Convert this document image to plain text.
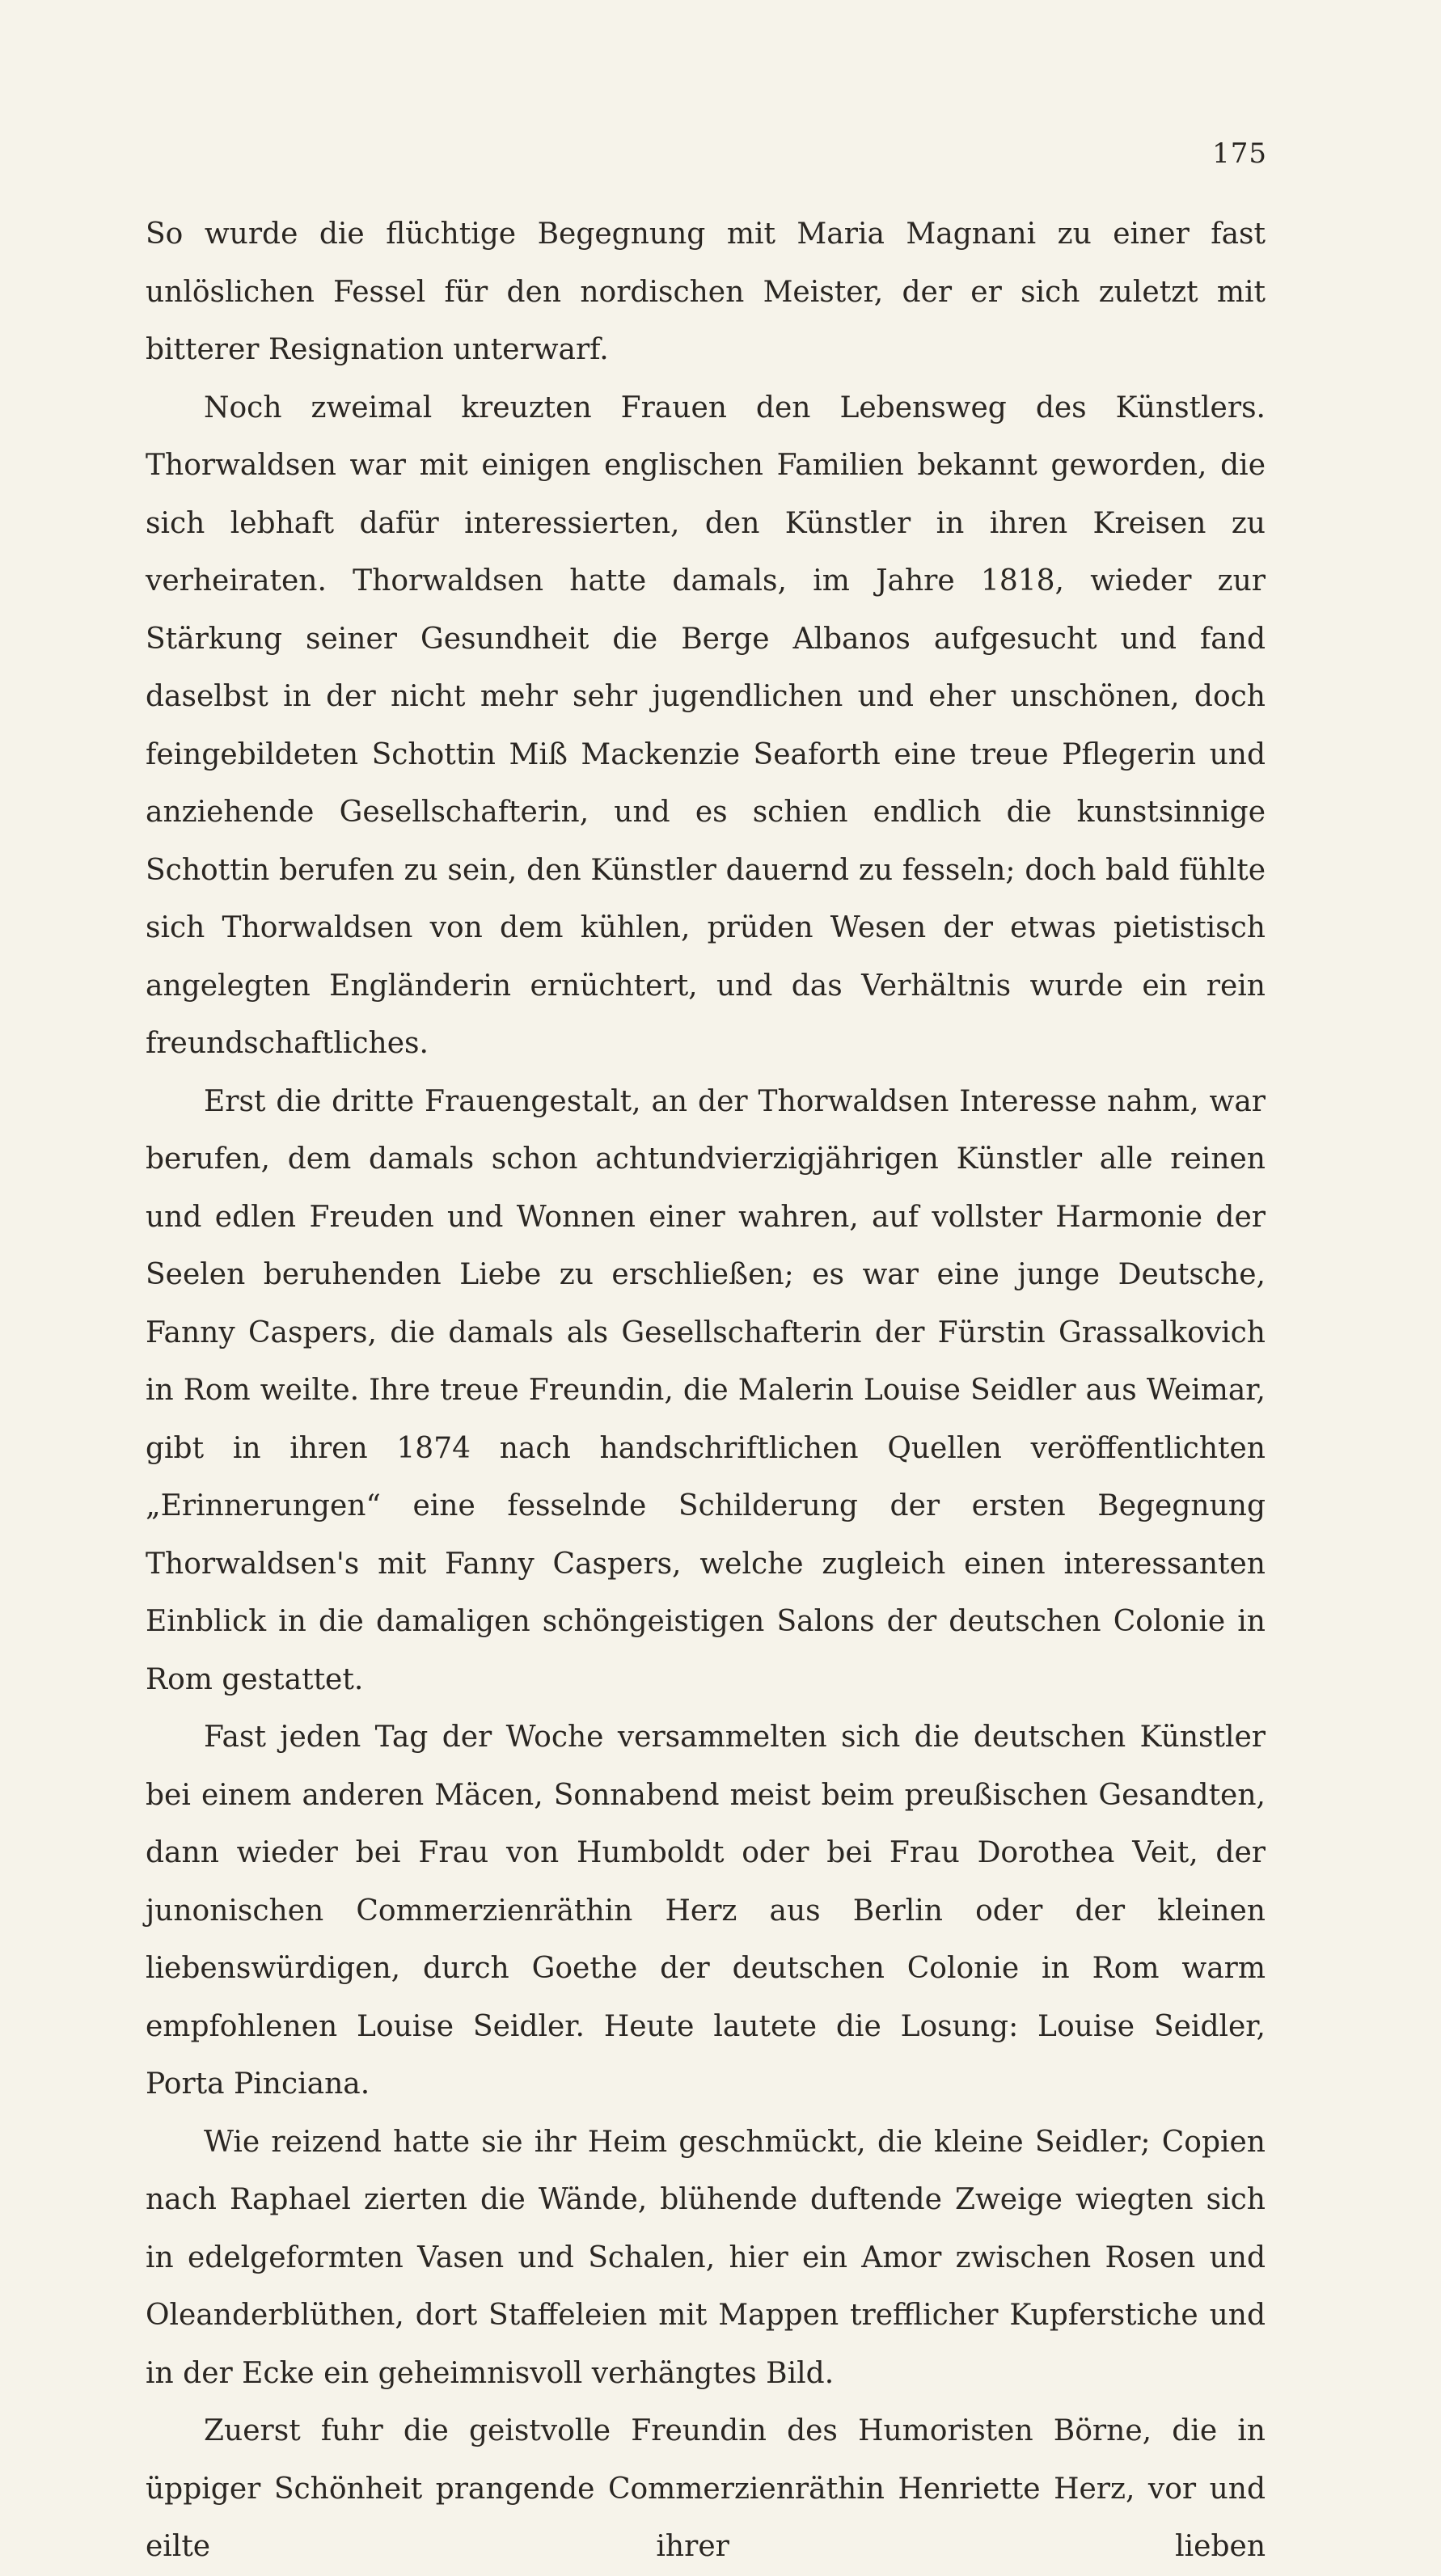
175

So wurde die flüchtige Begegnung mit Maria Magnani zu einer fast unlöslichen Fessel für den nordischen Meister, der er sich zuletzt mit bitterer Resignation unterwarf.

Noch zweimal kreuzten Frauen den Lebensweg des Künstlers. Thorwaldsen war mit einigen englischen Familien bekannt geworden, die sich lebhaft dafür interessierten, den Künstler in ihren Kreisen zu verheiraten. Thorwaldsen hatte damals, im Jahre 1818, wieder zur Stärkung seiner Gesundheit die Berge Albanos aufgesucht und fand daselbst in der nicht mehr sehr jugendlichen und eher unschönen, doch feingebildeten Schottin Miß Mackenzie Seaforth eine treue Pflegerin und anziehende Gesellschafterin, und es schien endlich die kunstsinnige Schottin berufen zu sein, den Künstler dauernd zu fesseln; doch bald fühlte sich Thorwaldsen von dem kühlen, prüden Wesen der etwas pietistisch angelegten Engländerin ernüchtert, und das Verhältnis wurde ein rein freundschaftliches.

Erst die dritte Frauengestalt, an der Thorwaldsen Interesse nahm, war berufen, dem damals schon achtundvierzigjährigen Künstler alle reinen und edlen Freuden und Wonnen einer wahren, auf vollster Harmonie der Seelen beruhenden Liebe zu erschließen; es war eine junge Deutsche, Fanny Caspers, die damals als Gesellschafterin der Fürstin Grassalkovich in Rom weilte. Ihre treue Freundin, die Malerin Louise Seidler aus Weimar, gibt in ihren 1874 nach handschriftlichen Quellen veröffentlichten „Erinnerungen“ eine fesselnde Schilderung der ersten Begegnung Thorwaldsen's mit Fanny Caspers, welche zugleich einen interessanten Einblick in die damaligen schöngeistigen Salons der deutschen Colonie in Rom gestattet.

Fast jeden Tag der Woche versammelten sich die deutschen Künstler bei einem anderen Mäcen, Sonnabend meist beim preußischen Gesandten, dann wieder bei Frau von Humboldt oder bei Frau Dorothea Veit, der junonischen Commerzienräthin Herz aus Berlin oder der kleinen liebenswürdigen, durch Goethe der deutschen Colonie in Rom warm empfohlenen Louise Seidler. Heute lautete die Losung: Louise Seidler, Porta Pinciana.

Wie reizend hatte sie ihr Heim geschmückt, die kleine Seidler; Copien nach Raphael zierten die Wände, blühende duftende Zweige wiegten sich in edelgeformten Vasen und Schalen, hier ein Amor zwischen Rosen und Oleanderblüthen, dort Staffeleien mit Mappen trefflicher Kupferstiche und in der Ecke ein geheimnisvoll verhängtes Bild.

Zuerst fuhr die geistvolle Freundin des Humoristen Börne, die in üppiger Schönheit prangende Commerzienräthin Henriette Herz, vor und eilte ihrer lieben
